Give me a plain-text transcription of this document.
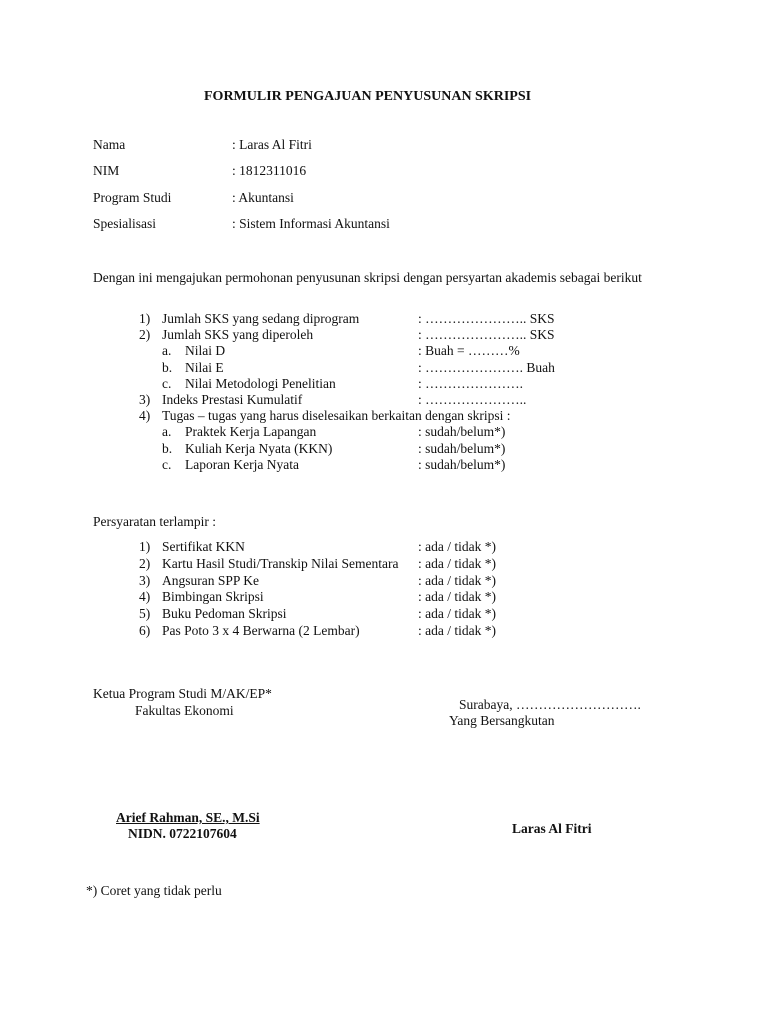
FORMULIR PENGAJUAN PENYUSUNAN SKRIPSI
Nama	: Laras Al Fitri
NIM	: 1812311016
Program Studi	: Akuntansi
Spesialisasi	: Sistem Informasi Akuntansi
Dengan ini mengajukan permohonan penyusunan skripsi dengan persyartan akademis sebagai berikut
1) Jumlah SKS yang sedang diprogram	: ………………….. SKS
2) Jumlah SKS yang diperoleh	: ………………….. SKS
a. Nilai D	: Buah = ………%
b. Nilai E	: …………………. Buah
c. Nilai Metodologi Penelitian	: ………………….
3) Indeks Prestasi Kumulatif	: …………………..
4) Tugas – tugas yang harus diselesaikan berkaitan dengan skripsi :
a. Praktek Kerja Lapangan	: sudah/belum*)
b. Kuliah Kerja Nyata (KKN)	: sudah/belum*)
c. Laporan Kerja Nyata	: sudah/belum*)
Persyaratan terlampir :
1) Sertifikat KKN	: ada / tidak *)
2) Kartu Hasil Studi/Transkip Nilai Sementara : ada / tidak *)
3) Angsuran SPP Ke	: ada / tidak *)
4) Bimbingan Skripsi	: ada / tidak *)
5) Buku Pedoman Skripsi	: ada / tidak *)
6) Pas Poto 3 x 4 Berwarna (2 Lembar)	: ada / tidak *)
Ketua Program Studi M/AK/EP*
Fakultas Ekonomi	Surabaya, ……………………….
Yang Bersangkutan
Arief Rahman, SE., M.Si
NIDN. 0722107604	Laras Al Fitri
*) Coret yang tidak perlu
